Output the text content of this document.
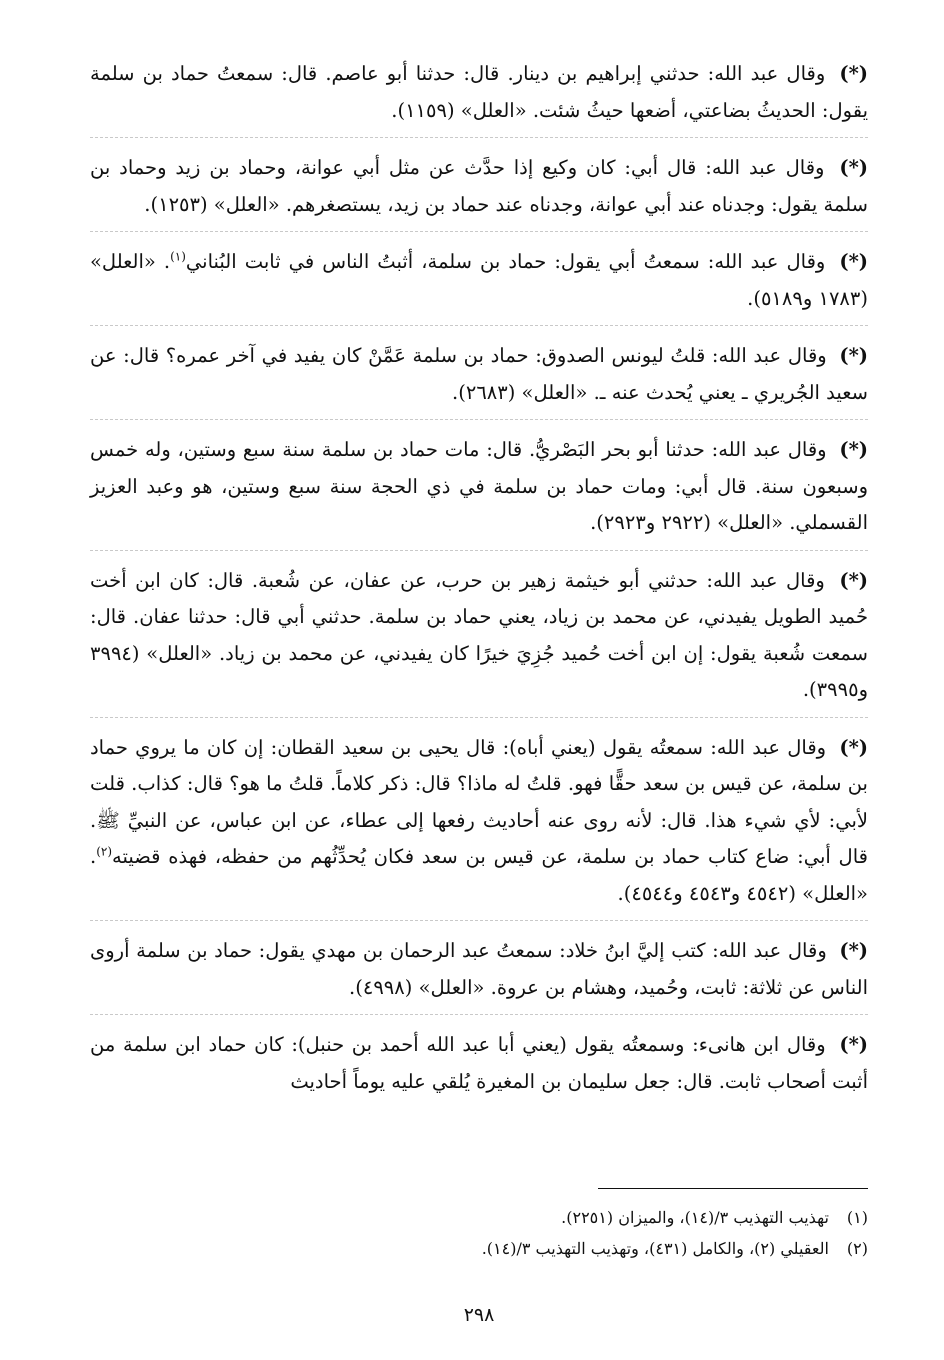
(*) وقال عبد الله: حدثني إبراهيم بن دينار. قال: حدثنا أبو عاصم. قال: سمعتُ حماد بن سلمة يقول: الحديثُ بضاعتي، أضعها حيثُ شئت. «العلل» (١١٥٩).

(*) وقال عبد الله: قال أبي: كان وكيع إذا حدَّث عن مثل أبي عوانة، وحماد بن زيد وحماد بن سلمة يقول: وجدناه عند أبي عوانة، وجدناه عند حماد بن زيد، يستصغرهم. «العلل» (١٢٥٣).

(*) وقال عبد الله: سمعتُ أبي يقول: حماد بن سلمة، أثبتُ الناس في ثابت البُناني$^{(١)}$. «العلل» (١٧٨٣ و٥١٨٩).

(*) وقال عبد الله: قلتُ ليونس الصدوق: حماد بن سلمة عَمَّنْ كان يفيد في آخر عمره؟ قال: عن سعيد الجُريري ـ يعني يُحدث عنه ـ. «العلل» (٢٦٨٣).

(*) وقال عبد الله: حدثنا أبو بحر البَصْريُّ. قال: مات حماد بن سلمة سنة سبع وستين، وله خمس وسبعون سنة. قال أبي: ومات حماد بن سلمة في ذي الحجة سنة سبع وستين، هو وعبد العزيز القسملي. «العلل» (٢٩٢٢ و٢٩٢٣).

(*) وقال عبد الله: حدثني أبو خيثمة زهير بن حرب، عن عفان، عن شُعبة. قال: كان ابن أخت حُميد الطويل يفيدني، عن محمد بن زياد، يعني حماد بن سلمة. حدثني أبي قال: حدثنا عفان. قال: سمعت شُعبة يقول: إن ابن أخت حُميد جُزِيَ خيرًا كان يفيدني، عن محمد بن زياد. «العلل» (٣٩٩٤ و٣٩٩٥).

(*) وقال عبد الله: سمعتُه يقول (يعني أباه): قال يحيى بن سعيد القطان: إن كان ما يروي حماد بن سلمة، عن قيس بن سعد حقًّا فهو. قلتُ له ماذا؟ قال: ذكر كلاماً. قلتُ ما هو؟ قال: كذاب. قلت لأبي: لأي شيء هذا. قال: لأنه روى عنه أحاديث رفعها إلى عطاء، عن ابن عباس، عن النبيِّ ﷺ. قال أبي: ضاع كتاب حماد بن سلمة، عن قيس بن سعد فكان يُحدِّثُهم من حفظه، فهذه قضيته$^{(٢)}$. «العلل» (٤٥٤٢ و٤٥٤٣ و٤٥٤٤).

(*) وقال عبد الله: كتب إليَّ ابنُ خلاد: سمعتُ عبد الرحمان بن مهدي يقول: حماد بن سلمة أروى الناس عن ثلاثة: ثابت، وحُميد، وهشام بن عروة. «العلل» (٤٩٩٨).

(*) وقال ابن هانىء: وسمعتُه يقول (يعني أبا عبد الله أحمد بن حنبل): كان حماد ابن سلمة من أثبت أصحاب ثابت. قال: جعل سليمان بن المغيرة يُلقي عليه يوماً أحاديث

(١) تهذيب التهذيب ٣/(١٤)، والميزان (٢٢٥١).
(٢) العقيلي (٢)، والكامل (٤٣١)، وتهذيب التهذيب ٣/(١٤).
٢٩٨
